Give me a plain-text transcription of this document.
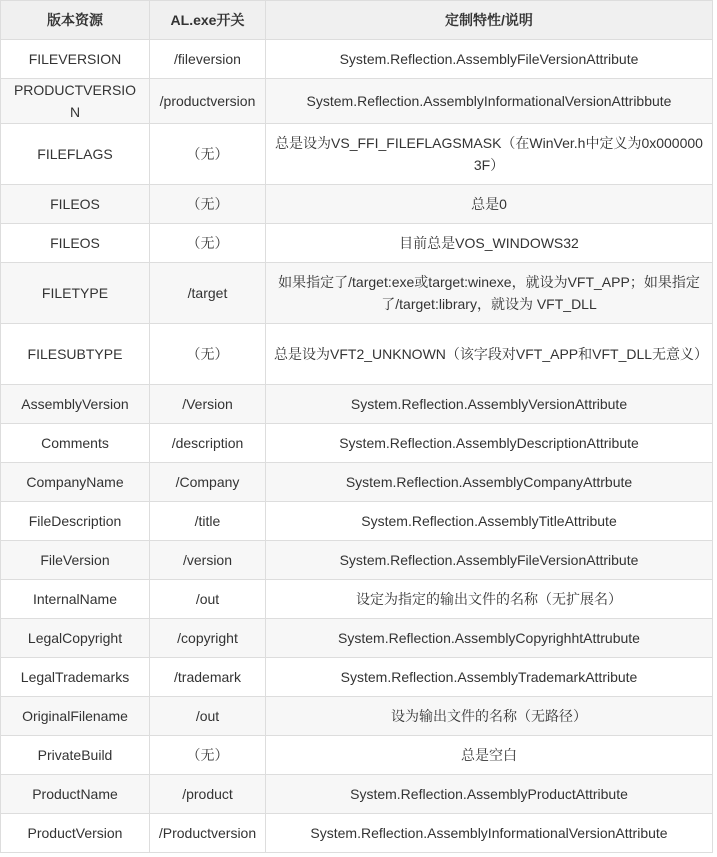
版本资源	AL.exe开关	定制特性/说明
FILEVERSION	/fileversion	System.Reflection.AssemblyFileVersionAttribute
PRODUCTVERSION	/productversion	System.Reflection.AssemblyInformationalVersionAttribbute
FILEFLAGS	（无）	总是设为VS_FFI_FILEFLAGSMASK（在WinVer.h中定义为0x0000003F）
FILEOS	（无）	总是0
FILEOS	（无）	目前总是VOS_WINDOWS32
FILETYPE	/target	如果指定了/target:exe或target:winexe，就设为VFT_APP；如果指定了/target:library，就设为 VFT_DLL
FILESUBTYPE	（无）	总是设为VFT2_UNKNOWN（该字段对VFT_APP和VFT_DLL无意义）
AssemblyVersion	/Version	System.Reflection.AssemblyVersionAttribute
Comments	/description	System.Reflection.AssemblyDescriptionAttribute
CompanyName	/Company	System.Reflection.AssemblyCompanyAttrbute
FileDescription	/title	System.Reflection.AssemblyTitleAttribute
FileVersion	/version	System.Reflection.AssemblyFileVersionAttribute
InternalName	/out	设定为指定的输出文件的名称（无扩展名）
LegalCopyright	/copyright	System.Reflection.AssemblyCopyrighhtAttrubute
LegalTrademarks	/trademark	System.Reflection.AssemblyTrademarkAttribute
OriginalFilename	/out	设为输出文件的名称（无路径）
PrivateBuild	（无）	总是空白
ProductName	/product	System.Reflection.AssemblyProductAttribute
ProductVersion	/Productversion	System.Reflection.AssemblyInformationalVersionAttribute
